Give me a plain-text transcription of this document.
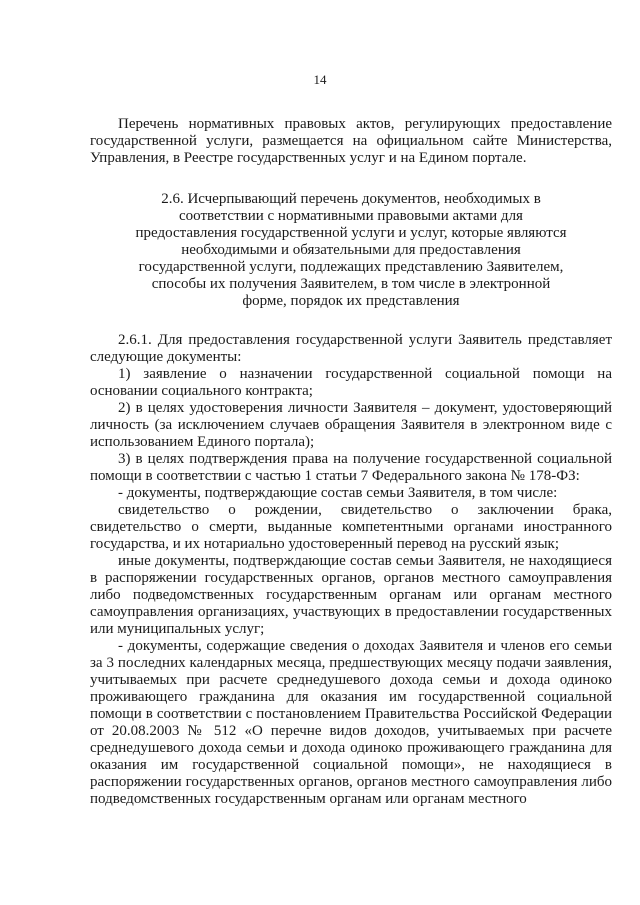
14

Перечень нормативных правовых актов, регулирующих предоставление государственной услуги, размещается на официальном сайте Министерства, Управления, в Реестре государственных услуг и на Едином портале.

2.6. Исчерпывающий перечень документов, необходимых в соответствии с нормативными правовыми актами для предоставления государственной услуги и услуг, которые являются необходимыми и обязательными для предоставления государственной услуги, подлежащих представлению Заявителем, способы их получения Заявителем, в том числе в электронной форме, порядок их представления

2.6.1. Для предоставления государственной услуги Заявитель представляет следующие документы:

1) заявление о назначении государственной социальной помощи на основании социального контракта;

2) в целях удостоверения личности Заявителя – документ, удостоверяющий личность (за исключением случаев обращения Заявителя в электронном виде с использованием Единого портала);

3) в целях подтверждения права на получение государственной социальной помощи в соответствии с частью 1 статьи 7 Федерального закона № 178-ФЗ:

- документы, подтверждающие состав семьи Заявителя, в том числе:

свидетельство о рождении, свидетельство о заключении брака, свидетельство о смерти, выданные компетентными органами иностранного государства, и их нотариально удостоверенный перевод на русский язык;

иные документы, подтверждающие состав семьи Заявителя, не находящиеся в распоряжении государственных органов, органов местного самоуправления либо подведомственных государственным органам или органам местного самоуправления организациях, участвующих в предоставлении государственных или муниципальных услуг;

- документы, содержащие сведения о доходах Заявителя и членов его семьи за 3 последних календарных месяца, предшествующих месяцу подачи заявления, учитываемых при расчете среднедушевого дохода семьи и дохода одиноко проживающего гражданина для оказания им государственной социальной помощи в соответствии с постановлением Правительства Российской Федерации от 20.08.2003 № 512 «О перечне видов доходов, учитываемых при расчете среднедушевого дохода семьи и дохода одиноко проживающего гражданина для оказания им государственной социальной помощи», не находящиеся в распоряжении государственных органов, органов местного самоуправления либо подведомственных государственным органам или органам местного
